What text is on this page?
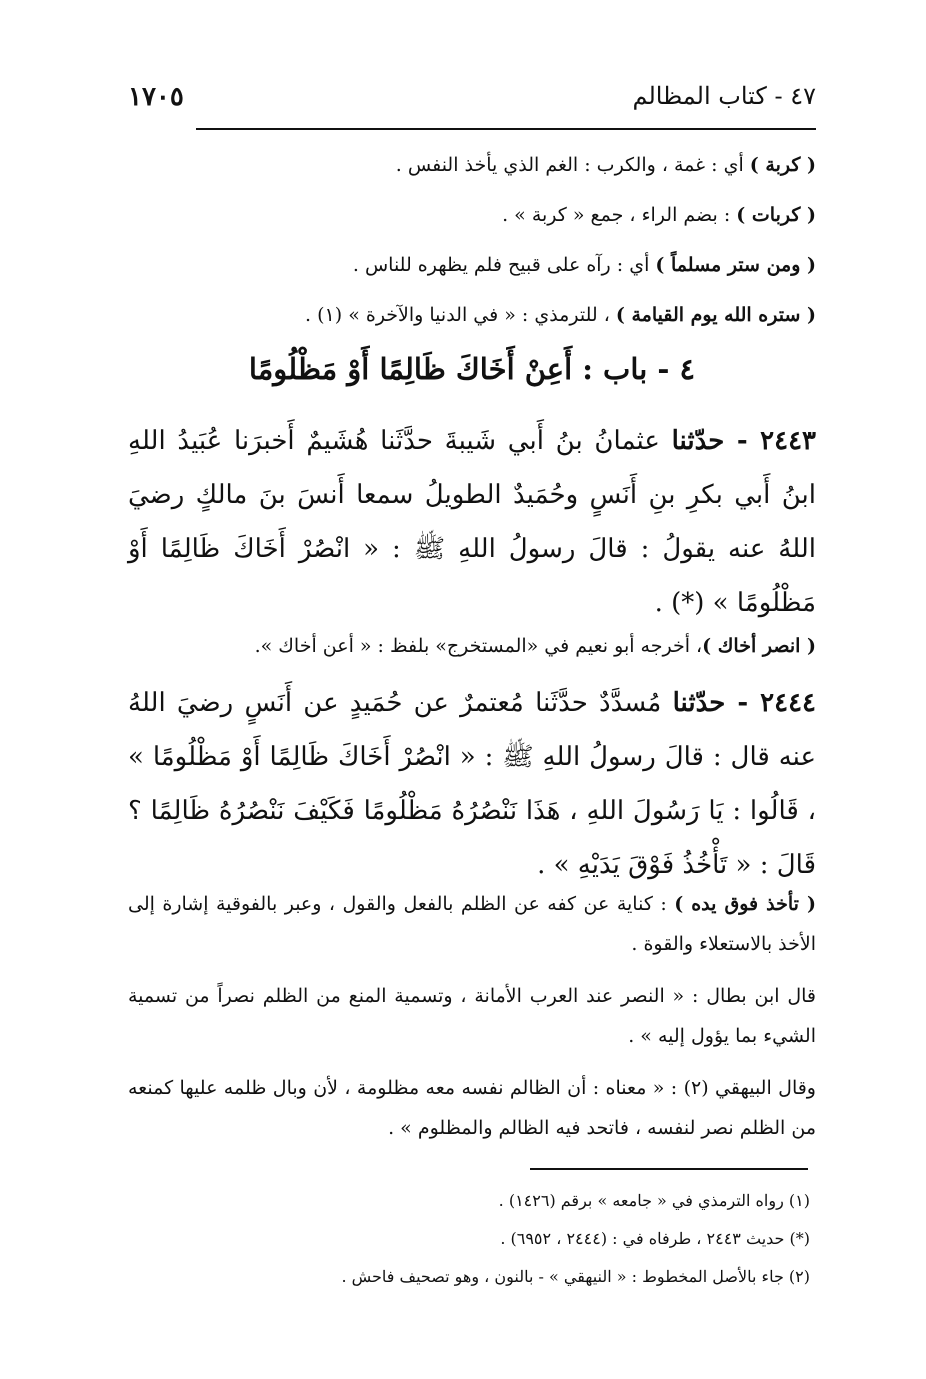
٤٧ - كتاب المظالم
١٧٠٥
( كربة ) أي : غمة ، والكرب : الغم الذي يأخذ النفس .
( كربات ) : بضم الراء ، جمع « كربة » .
( ومن ستر مسلماً ) أي : رآه على قبيح فلم يظهره للناس .
( ستره الله يوم القيامة ) ، للترمذي : « في الدنيا والآخرة » (١) .
٤ - باب : أَعِنْ أَخَاكَ ظَالِمًا أَوْ مَظْلُومًا
٢٤٤٣ - حدّثنا عثمانُ بنُ أَبي شَيبةَ حدَّثَنا هُشَيمٌ أَخبرَنا عُبَيدُ اللهِ ابنُ أَبي بكرِ بنِ أَنَسٍ وحُمَيدٌ الطويلُ سمعا أَنسَ بنَ مالكٍ رضيَ اللهُ عنه يقولُ : قالَ رسولُ اللهِ ﷺ : « انْصُرْ أَخَاكَ ظَالِمًا أَوْ مَظْلُومًا » (*) .
( انصر أخاك )، أخرجه أبو نعيم في «المستخرج» بلفظ : « أعن أخاك ».
٢٤٤٤ - حدّثنا مُسدَّدٌ حدَّثَنا مُعتمرٌ عن حُمَيدٍ عن أَنَسٍ رضيَ اللهُ عنه قال : قالَ رسولُ اللهِ ﷺ : « انْصُرْ أَخَاكَ ظَالِمًا أَوْ مَظْلُومًا » ، قَالُوا : يَا رَسُولَ اللهِ ، هَذَا نَنْصُرُهُ مَظْلُومًا فَكَيْفَ نَنْصُرُهُ ظَالِمًا ؟ قَالَ : « تَأْخُذُ فَوْقَ يَدَيْهِ » .
( تأخذ فوق يده ) : كناية عن كفه عن الظلم بالفعل والقول ، وعبر بالفوقية إشارة إلى الأخذ بالاستعلاء والقوة .
قال ابن بطال : « النصر عند العرب الأمانة ، وتسمية المنع من الظلم نصراً من تسمية الشيء بما يؤول إليه » .
وقال البيهقي (٢) : « معناه : أن الظالم نفسه معه مظلومة ، لأن وبال ظلمه عليها كمنعه من الظلم نصر لنفسه ، فاتحد فيه الظالم والمظلوم » .
(١) رواه الترمذي في « جامعه » برقم (١٤٢٦) .
(*) حديث ٢٤٤٣ ، طرفاه في : (٢٤٤٤ ، ٦٩٥٢) .
(٢) جاء بالأصل المخطوط : « النيهقي » - بالنون ، وهو تصحيف فاحش .
